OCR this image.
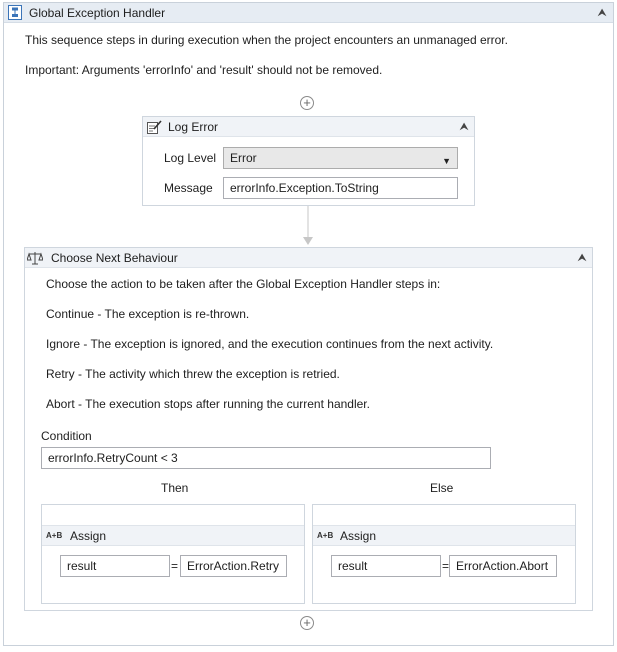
Global Exception Handler	⮝
This sequence steps in during execution when the project encounters an unmanaged error.
Important: Arguments 'errorInfo' and 'result' should not be removed.
+
Log Error	⮝
Log Level	Error	▼
Message	errorInfo.Exception.ToString
Choose Next Behaviour	⮝
Choose the action to be taken after the Global Exception Handler steps in:
Continue - The exception is re-thrown.
Ignore - The exception is ignored, and the execution continues from the next activity.
Retry - The activity which threw the exception is retried.
Abort - The execution stops after running the current handler.
Condition
errorInfo.RetryCount < 3
Then	Else
A+B Assign
result	= ErrorAction.Retry
A+B Assign
result	= ErrorAction.Abort
+
